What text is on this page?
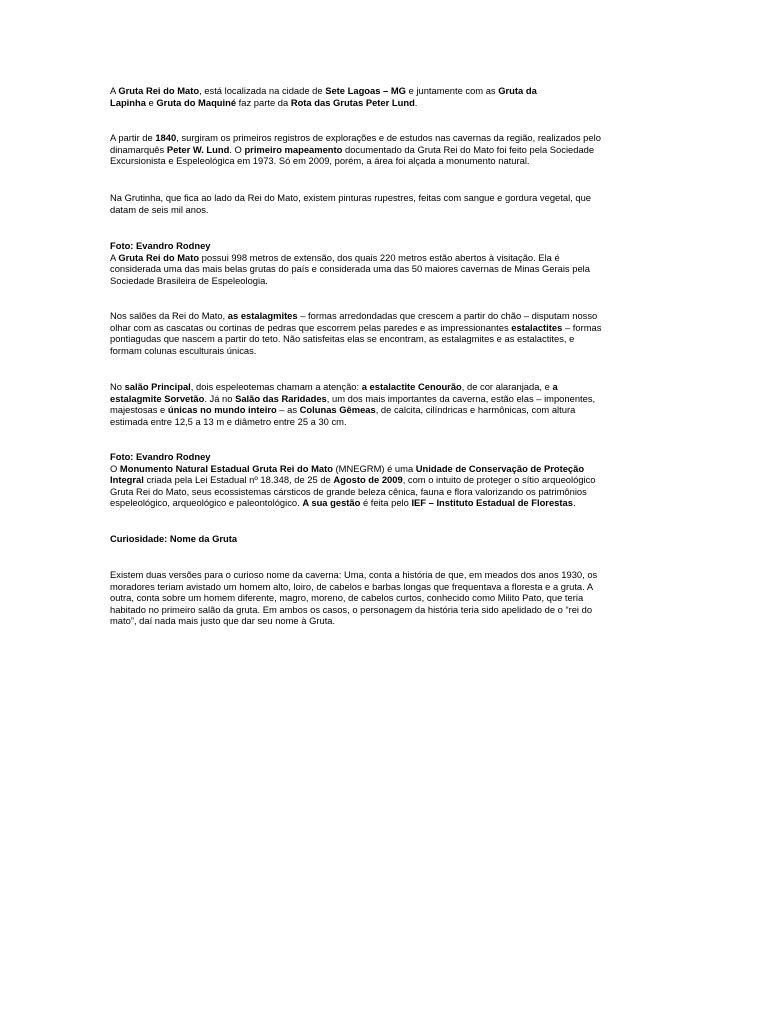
A Gruta Rei do Mato, está localizada na cidade de Sete Lagoas – MG e juntamente com as Gruta da
Lapinha e Gruta do Maquiné faz parte da Rota das Grutas Peter Lund.

A partir de 1840, surgiram os primeiros registros de explorações e de estudos nas cavernas da região, realizados pelo
dinamarquês Peter W. Lund. O primeiro mapeamento documentado da Gruta Rei do Mato foi feito pela Sociedade
Excursionista e Espeleológica em 1973. Só em 2009, porém, a área foi alçada a monumento natural.

Na Grutinha, que fica ao lado da Rei do Mato, existem pinturas rupestres, feitas com sangue e gordura vegetal, que
datam de seis mil anos.

Foto: Evandro Rodney
A Gruta Rei do Mato possui 998 metros de extensão, dos quais 220 metros estão abertos à visitação. Ela é
considerada uma das mais belas grutas do país e considerada uma das 50 maiores cavernas de Minas Gerais pela
Sociedade Brasileira de Espeleologia.

Nos salões da Rei do Mato, as estalagmites – formas arredondadas que crescem a partir do chão – disputam nosso
olhar com as cascatas ou cortinas de pedras que escorrem pelas paredes e as impressionantes estalactites – formas
pontiagudas que nascem a partir do teto. Não satisfeitas elas se encontram, as estalagmites e as estalactites, e
formam colunas esculturais únicas.

No salão Principal, dois espeleotemas chamam a atenção: a estalactite Cenourão, de cor alaranjada, e a
estalagmite Sorvetão. Já no Salão das Raridades, um dos mais importantes da caverna, estão elas – imponentes,
majestosas e únicas no mundo inteiro – as Colunas Gêmeas, de calcita, cilíndricas e harmônicas, com altura
estimada entre 12,5 a 13 m e diâmetro entre 25 a 30 cm.

Foto: Evandro Rodney
O Monumento Natural Estadual Gruta Rei do Mato (MNEGRM) é uma Unidade de Conservação de Proteção
Integral criada pela Lei Estadual nº 18.348, de 25 de Agosto de 2009, com o intuito de proteger o sítio arqueológico
Gruta Rei do Mato, seus ecossistemas cársticos de grande beleza cênica, fauna e flora valorizando os patrimônios
espeleológico, arqueológico e paleontológico. A sua gestão é feita pelo IEF – Instituto Estadual de Florestas.

Curiosidade: Nome da Gruta

Existem duas versões para o curioso nome da caverna: Uma, conta a história de que, em meados dos anos 1930, os
moradores teriam avistado um homem alto, loiro, de cabelos e barbas longas que frequentava a floresta e a gruta. A
outra, conta sobre um homem diferente, magro, moreno, de cabelos curtos, conhecido como Milito Pato, que teria
habitado no primeiro salão da gruta. Em ambos os casos, o personagem da história teria sido apelidado de o “rei do
mato”, daí nada mais justo que dar seu nome à Gruta.
